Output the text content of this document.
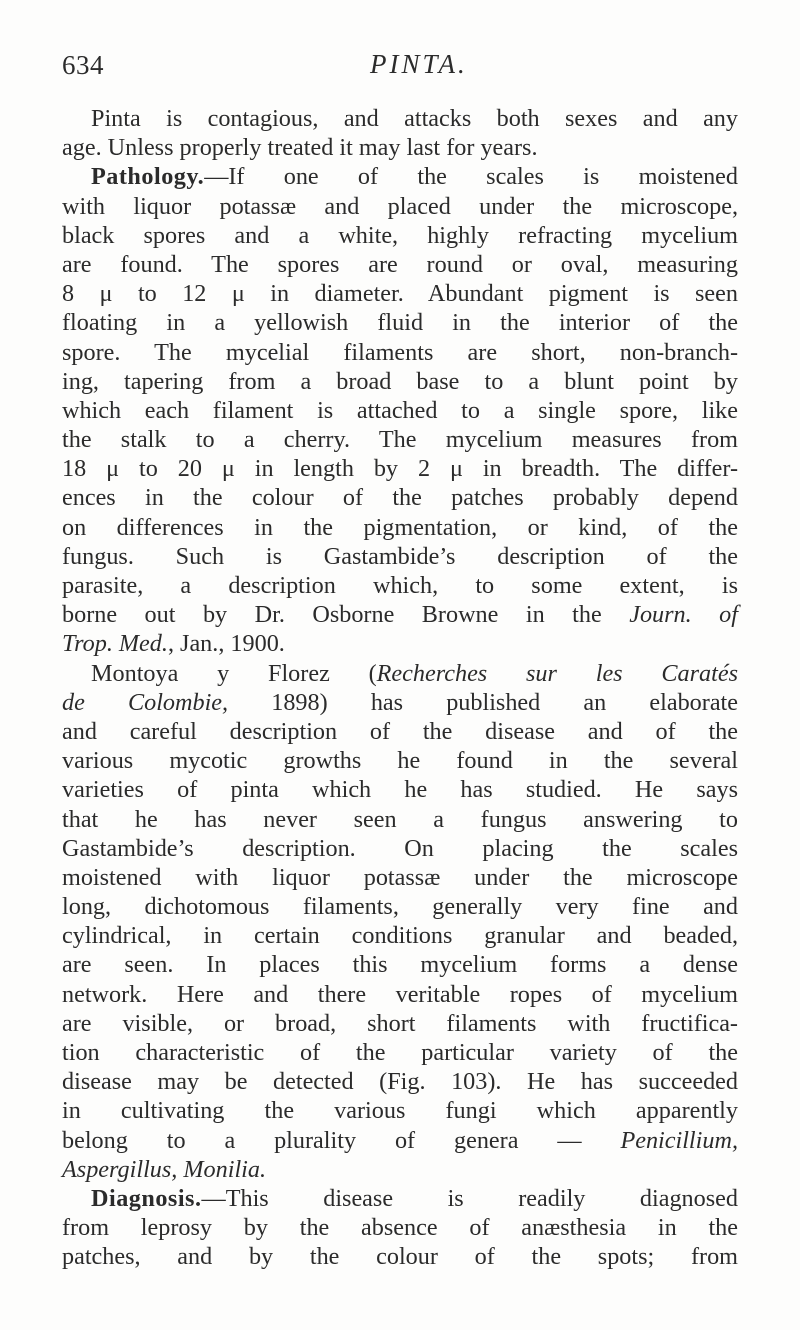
634	PINTA.
Pinta is contagious, and attacks both sexes and any
age. Unless properly treated it may last for years.
Pathology.—If one of the scales is moistened
with liquor potassæ and placed under the microscope,
black spores and a white, highly refracting mycelium
are found. The spores are round or oval, measuring
8 μ to 12 μ in diameter. Abundant pigment is seen
floating in a yellowish fluid in the interior of the
spore. The mycelial filaments are short, non-branch-
ing, tapering from a broad base to a blunt point by
which each filament is attached to a single spore, like
the stalk to a cherry. The mycelium measures from
18 μ to 20 μ in length by 2 μ in breadth. The differ-
ences in the colour of the patches probably depend
on differences in the pigmentation, or kind, of the
fungus. Such is Gastambide’s description of the
parasite, a description which, to some extent, is
borne out by Dr. Osborne Browne in the Journ. of
Trop. Med., Jan., 1900.
Montoya y Florez (Recherches sur les Caratés
de Colombie, 1898) has published an elaborate
and careful description of the disease and of the
various mycotic growths he found in the several
varieties of pinta which he has studied. He says
that he has never seen a fungus answering to
Gastambide’s description. On placing the scales
moistened with liquor potassæ under the microscope
long, dichotomous filaments, generally very fine and
cylindrical, in certain conditions granular and beaded,
are seen. In places this mycelium forms a dense
network. Here and there veritable ropes of mycelium
are visible, or broad, short filaments with fructifica-
tion characteristic of the particular variety of the
disease may be detected (Fig. 103). He has succeeded
in cultivating the various fungi which apparently
belong to a plurality of genera — Penicillium,
Aspergillus, Monilia.
Diagnosis.—This disease is readily diagnosed
from leprosy by the absence of anæsthesia in the
patches, and by the colour of the spots; from
